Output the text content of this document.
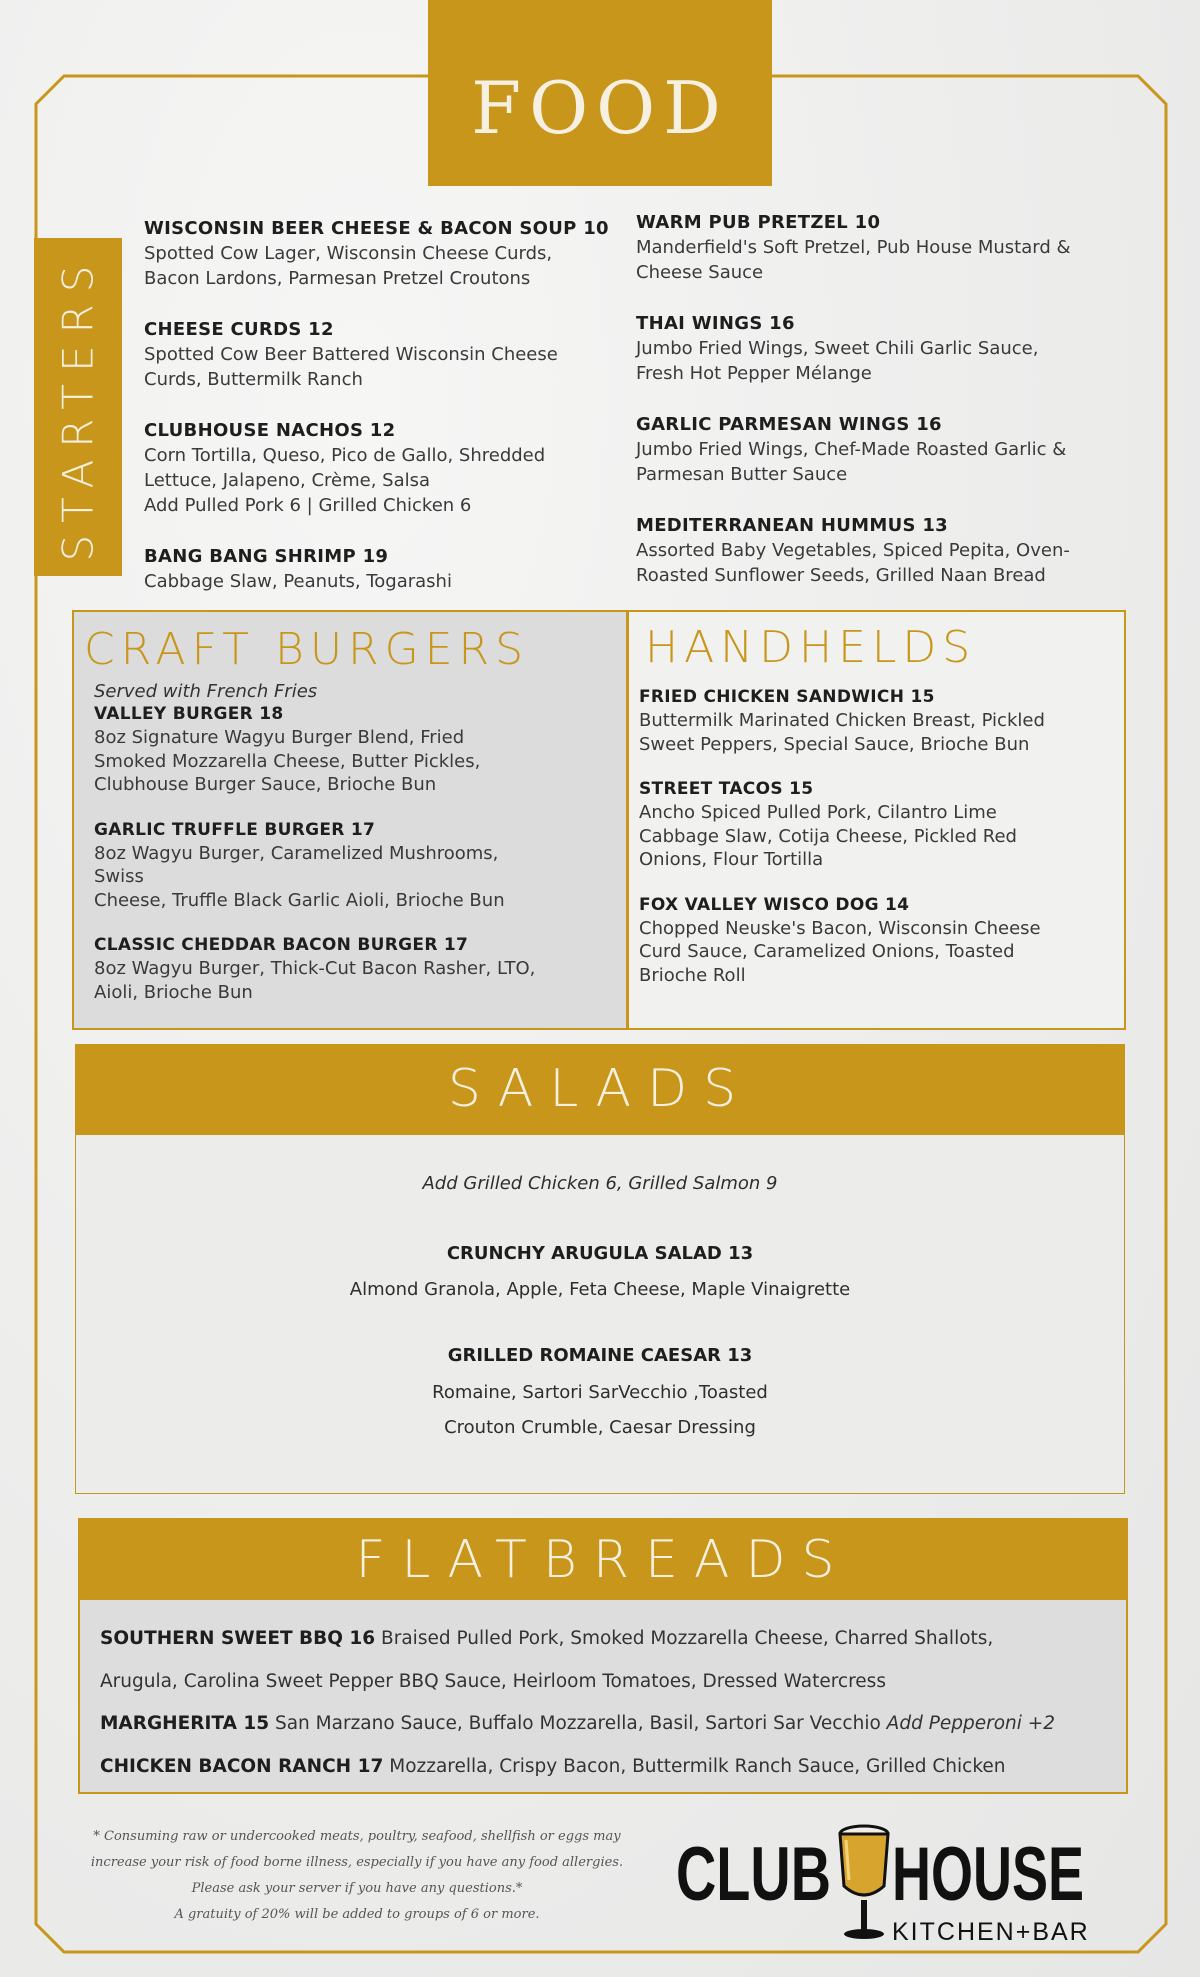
FOOD
STARTERS
WISCONSIN BEER CHEESE & BACON SOUP 10
Spotted Cow Lager, Wisconsin Cheese Curds,
Bacon Lardons, Parmesan Pretzel Croutons
CHEESE CURDS 12
Spotted Cow Beer Battered Wisconsin Cheese
Curds, Buttermilk Ranch
CLUBHOUSE NACHOS 12
Corn Tortilla, Queso, Pico de Gallo, Shredded
Lettuce, Jalapeno, Crème, Salsa
Add Pulled Pork 6 | Grilled Chicken 6
BANG BANG SHRIMP 19
Cabbage Slaw, Peanuts, Togarashi
WARM PUB PRETZEL 10
Manderfield's Soft Pretzel, Pub House Mustard &
Cheese Sauce
THAI WINGS 16
Jumbo Fried Wings, Sweet Chili Garlic Sauce,
Fresh Hot Pepper Mélange
GARLIC PARMESAN WINGS 16
Jumbo Fried Wings, Chef-Made Roasted Garlic &
Parmesan Butter Sauce
MEDITERRANEAN HUMMUS 13
Assorted Baby Vegetables, Spiced Pepita, Oven-
Roasted Sunflower Seeds, Grilled Naan Bread
CRAFT BURGERS
Served with French Fries
VALLEY BURGER 18
8oz Signature Wagyu Burger Blend, Fried
Smoked Mozzarella Cheese, Butter Pickles,
Clubhouse Burger Sauce, Brioche Bun
GARLIC TRUFFLE BURGER 17
8oz Wagyu Burger, Caramelized Mushrooms,
Swiss
Cheese, Truffle Black Garlic Aioli, Brioche Bun
CLASSIC CHEDDAR BACON BURGER 17
8oz Wagyu Burger, Thick-Cut Bacon Rasher, LTO,
Aioli, Brioche Bun
HANDHELDS
FRIED CHICKEN SANDWICH 15
Buttermilk Marinated Chicken Breast, Pickled
Sweet Peppers, Special Sauce, Brioche Bun
STREET TACOS 15
Ancho Spiced Pulled Pork, Cilantro Lime
Cabbage Slaw, Cotija Cheese, Pickled Red
Onions, Flour Tortilla
FOX VALLEY WISCO DOG 14
Chopped Neuske's Bacon, Wisconsin Cheese
Curd Sauce, Caramelized Onions, Toasted
Brioche Roll
SALADS
Add Grilled Chicken 6, Grilled Salmon 9
CRUNCHY ARUGULA SALAD 13
Almond Granola, Apple, Feta Cheese, Maple Vinaigrette
GRILLED ROMAINE CAESAR 13
Romaine, Sartori SarVecchio ,Toasted
Crouton Crumble, Caesar Dressing
FLATBREADS
SOUTHERN SWEET BBQ 16 Braised Pulled Pork, Smoked Mozzarella Cheese, Charred Shallots,
Arugula, Carolina Sweet Pepper BBQ Sauce, Heirloom Tomatoes, Dressed Watercress
MARGHERITA 15 San Marzano Sauce, Buffalo Mozzarella, Basil, Sartori Sar Vecchio Add Pepperoni +2
CHICKEN BACON RANCH 17 Mozzarella, Crispy Bacon, Buttermilk Ranch Sauce, Grilled Chicken
* Consuming raw or undercooked meats, poultry, seafood, shellfish or eggs may
increase your risk of food borne illness, especially if you have any food allergies.
Please ask your server if you have any questions.*
A gratuity of 20% will be added to groups of 6 or more.	CLUB HOUSE
KITCHEN+BAR
